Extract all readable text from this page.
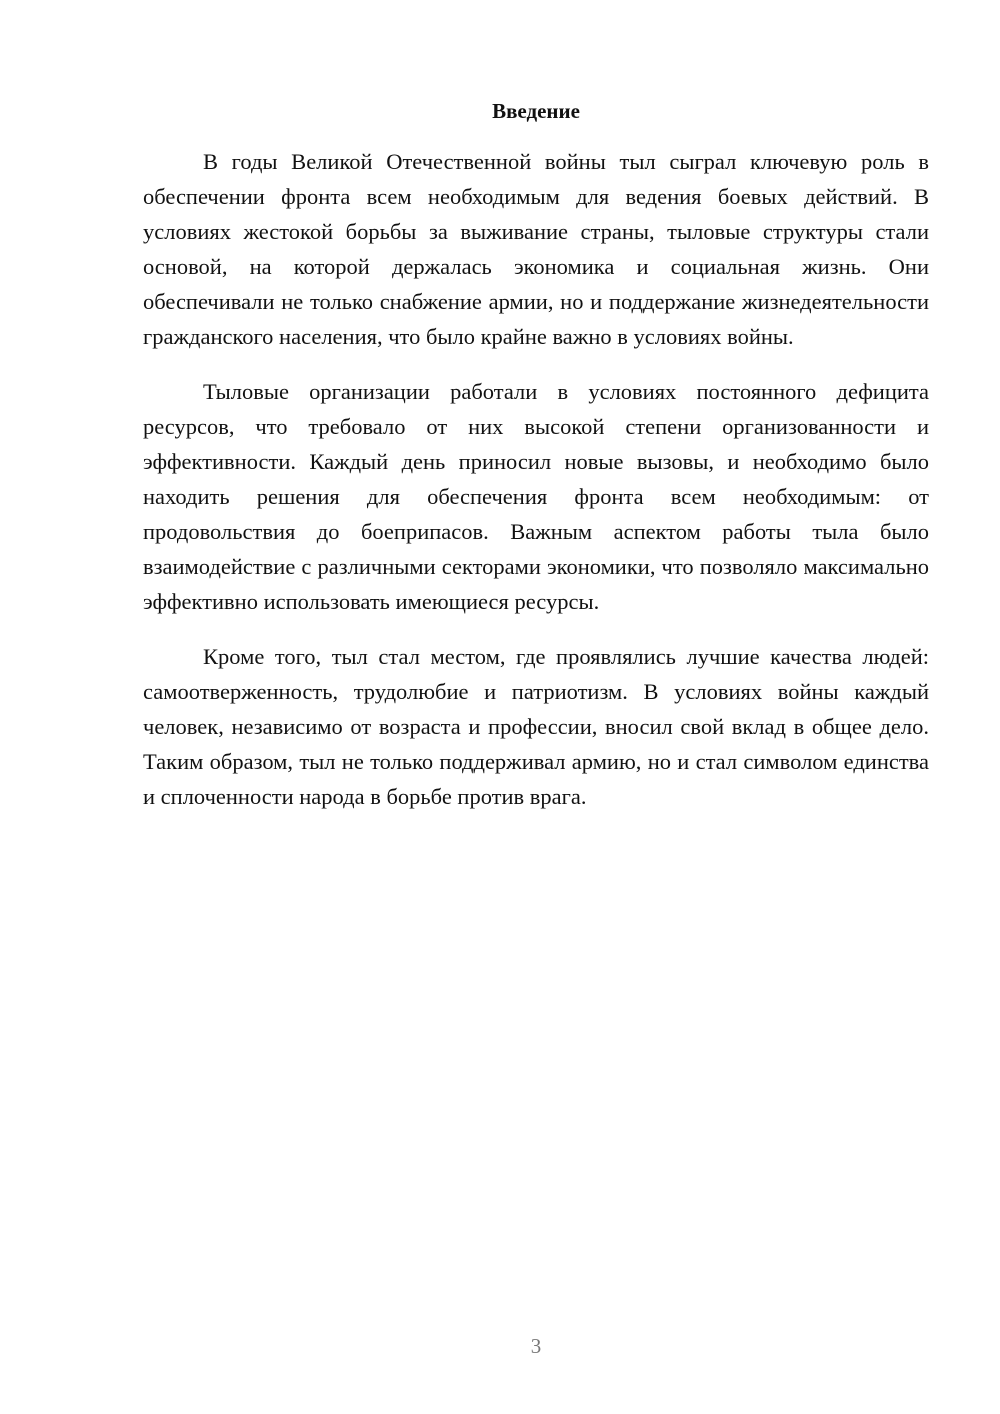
Введение

В годы Великой Отечественной войны тыл сыграл ключевую роль в обеспечении фронта всем необходимым для ведения боевых действий. В условиях жестокой борьбы за выживание страны, тыловые структуры стали основой, на которой держалась экономика и социальная жизнь. Они обеспечивали не только снабжение армии, но и поддержание жизнедеятельности гражданского населения, что было крайне важно в условиях войны.

Тыловые организации работали в условиях постоянного дефицита ресурсов, что требовало от них высокой степени организованности и эффективности. Каждый день приносил новые вызовы, и необходимо было находить решения для обеспечения фронта всем необходимым: от продовольствия до боеприпасов. Важным аспектом работы тыла было взаимодействие с различными секторами экономики, что позволяло максимально эффективно использовать имеющиеся ресурсы.

Кроме того, тыл стал местом, где проявлялись лучшие качества людей: самоотверженность, трудолюбие и патриотизм. В условиях войны каждый человек, независимо от возраста и профессии, вносил свой вклад в общее дело. Таким образом, тыл не только поддерживал армию, но и стал символом единства и сплоченности народа в борьбе против врага.

3
